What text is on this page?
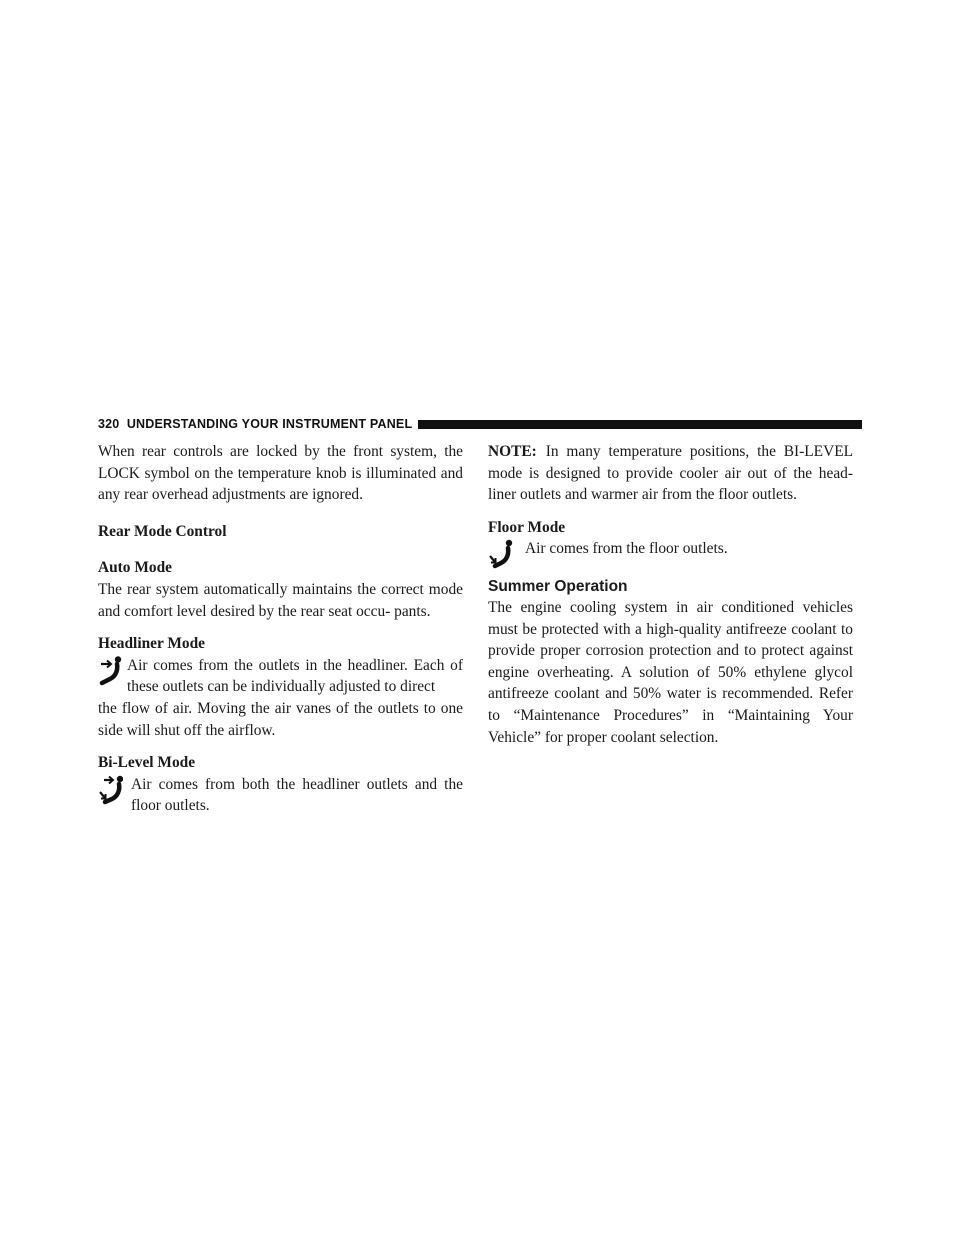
320 UNDERSTANDING YOUR INSTRUMENT PANEL

When rear controls are locked by the front system, the LOCK symbol on the temperature knob is illuminated and any rear overhead adjustments are ignored.

Rear Mode Control

Auto Mode

The rear system automatically maintains the correct mode and comfort level desired by the rear seat occu- pants.

Headliner Mode

Air comes from the outlets in the headliner. Each of these outlets can be individually adjusted to direct

the flow of air. Moving the air vanes of the outlets to one side will shut off the airflow.

Bi-Level Mode

Air comes from both the headliner outlets and the floor outlets.

NOTE: In many temperature positions, the BI-LEVEL mode is designed to provide cooler air out of the head- liner outlets and warmer air from the floor outlets.

Floor Mode

Air comes from the floor outlets.

Summer Operation

The engine cooling system in air conditioned vehicles must be protected with a high-quality antifreeze coolant to provide proper corrosion protection and to protect against engine overheating. A solution of 50% ethylene glycol antifreeze coolant and 50% water is recommended. Refer to “Maintenance Procedures” in “Maintaining Your Vehicle” for proper coolant selection.
